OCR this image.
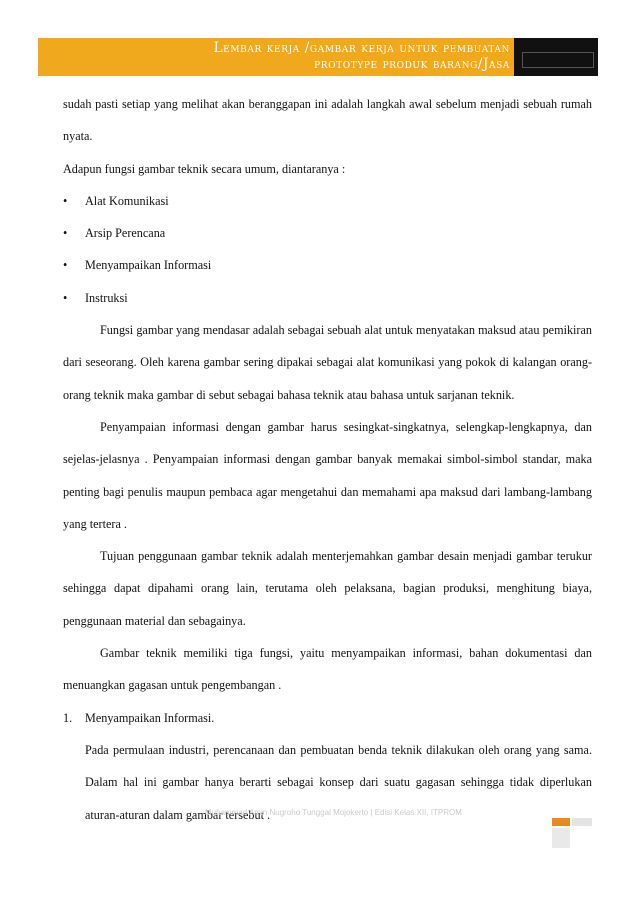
Lembar kerja /gambar kerja untuk pembuatan
prototype produk barang/Jasa

sudah pasti setiap yang melihat akan beranggapan ini adalah langkah awal sebelum menjadi sebuah rumah nyata.

Adapun fungsi gambar teknik secara umum, diantaranya :

•	Alat Komunikasi
•	Arsip Perencana
•	Menyampaikan Informasi
•	Instruksi

Fungsi gambar yang mendasar adalah sebagai sebuah alat untuk menyatakan maksud atau pemikiran dari seseorang. Oleh karena gambar sering dipakai sebagai alat komunikasi yang pokok di kalangan orang-orang teknik maka gambar di sebut sebagai bahasa teknik atau bahasa untuk sarjanan teknik.

Penyampaian informasi dengan gambar harus sesingkat-singkatnya, selengkap-lengkapnya, dan sejelas-jelasnya . Penyampaian informasi dengan gambar banyak memakai simbol-simbol standar, maka penting bagi penulis maupun pembaca agar mengetahui dan memahami apa maksud dari lambang-lambang yang tertera .

Tujuan penggunaan gambar teknik adalah menterjemahkan gambar desain menjadi gambar terukur sehingga dapat dipahami orang lain, terutama oleh pelaksana, bagian produksi, menghitung biaya, penggunaan material dan sebagainya.

Gambar teknik memiliki tiga fungsi, yaitu menyampaikan informasi, bahan dokumentasi dan menuangkan gagasan untuk pengembangan .

1.	Menyampaikan Informasi.

Pada permulaan industri, perencanaan dan pembuatan benda teknik dilakukan oleh orang yang sama. Dalam hal ini gambar hanya berarti sebagai konsep dari suatu gagasan sehingga tidak diperlukan aturan-aturan dalam gambar tersebut .

Muhammad Amin Nugroho Tunggal Mojokerto | Edisi Kelas XII, ITPROM
